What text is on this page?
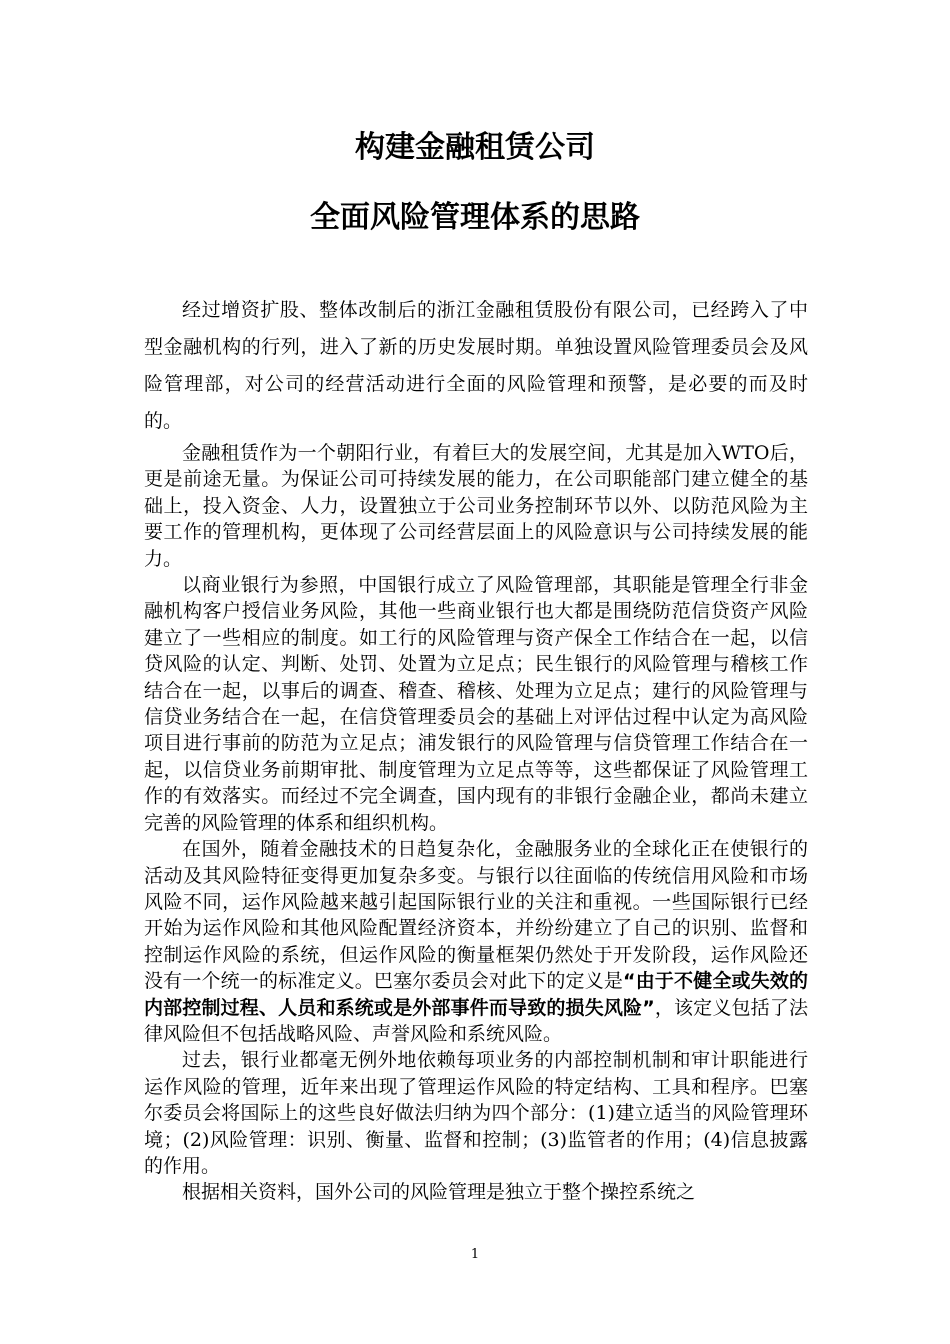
构建金融租赁公司
全面风险管理体系的思路

经过增资扩股、整体改制后的浙江金融租赁股份有限公司，已经跨入了中型金融机构的行列，进入了新的历史发展时期。单独设置风险管理委员会及风险管理部，对公司的经营活动进行全面的风险管理和预警，是必要的而及时的。

金融租赁作为一个朝阳行业，有着巨大的发展空间，尤其是加入WTO后，更是前途无量。为保证公司可持续发展的能力，在公司职能部门建立健全的基础上，投入资金、人力，设置独立于公司业务控制环节以外、以防范风险为主要工作的管理机构，更体现了公司经营层面上的风险意识与公司持续发展的能力。

以商业银行为参照，中国银行成立了风险管理部，其职能是管理全行非金融机构客户授信业务风险，其他一些商业银行也大都是围绕防范信贷资产风险建立了一些相应的制度。如工行的风险管理与资产保全工作结合在一起，以信贷风险的认定、判断、处罚、处置为立足点；民生银行的风险管理与稽核工作结合在一起，以事后的调查、稽查、稽核、处理为立足点；建行的风险管理与信贷业务结合在一起，在信贷管理委员会的基础上对评估过程中认定为高风险项目进行事前的防范为立足点；浦发银行的风险管理与信贷管理工作结合在一起，以信贷业务前期审批、制度管理为立足点等等，这些都保证了风险管理工作的有效落实。而经过不完全调查，国内现有的非银行金融企业，都尚未建立完善的风险管理的体系和组织机构。

在国外，随着金融技术的日趋复杂化，金融服务业的全球化正在使银行的活动及其风险特征变得更加复杂多变。与银行以往面临的传统信用风险和市场风险不同，运作风险越来越引起国际银行业的关注和重视。一些国际银行已经开始为运作风险和其他风险配置经济资本，并纷纷建立了自己的识别、监督和控制运作风险的系统，但运作风险的衡量框架仍然处于开发阶段，运作风险还没有一个统一的标准定义。巴塞尔委员会对此下的定义是“由于不健全或失效的内部控制过程、人员和系统或是外部事件而导致的损失风险”，该定义包括了法律风险但不包括战略风险、声誉风险和系统风险。

过去，银行业都毫无例外地依赖每项业务的内部控制机制和审计职能进行运作风险的管理，近年来出现了管理运作风险的特定结构、工具和程序。巴塞尔委员会将国际上的这些良好做法归纳为四个部分：(1)建立适当的风险管理环境；(2)风险管理：识别、衡量、监督和控制；(3)监管者的作用；(4)信息披露的作用。

根据相关资料，国外公司的风险管理是独立于整个操控系统之

1
